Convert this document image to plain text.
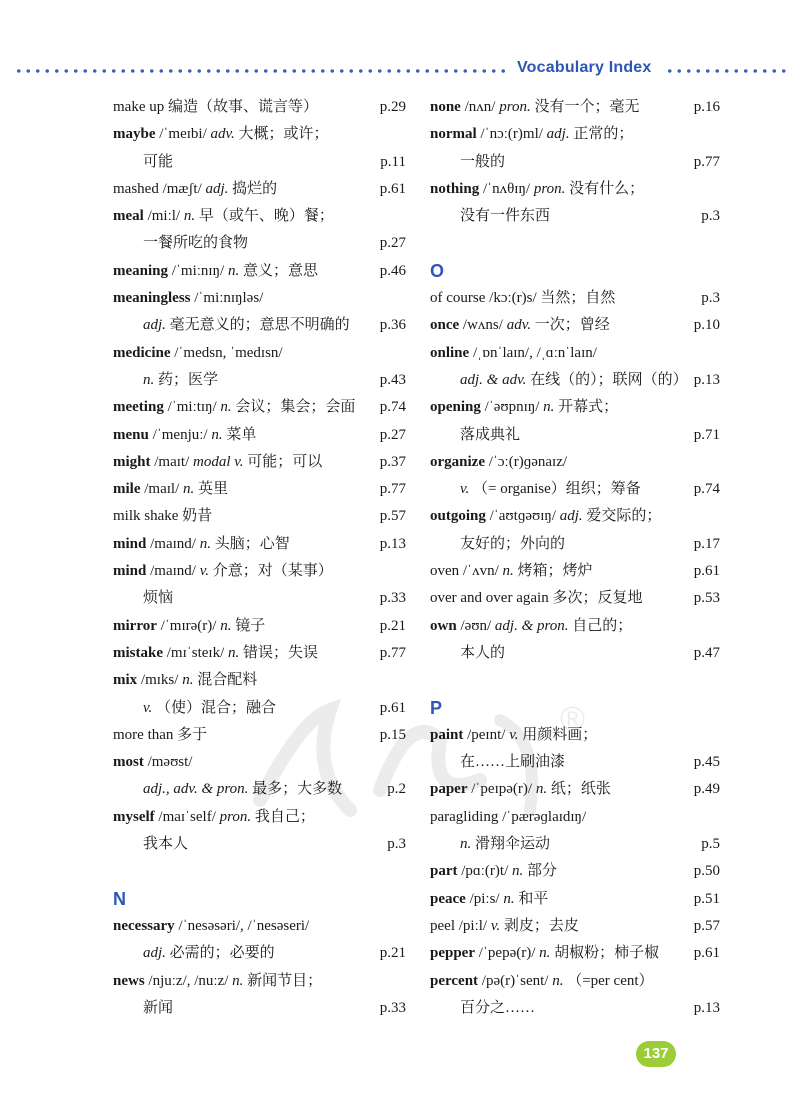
Vocabulary Index
®
make up 编造（故事、谎言等）	p.29
maybe /ˈmeɪbi/ adv. 大概；或许；
可能	p.11
mashed /mæʃt/ adj. 捣烂的	p.61
meal /miːl/ n. 早（或午、晚）餐；
一餐所吃的食物	p.27
meaning /ˈmiːnɪŋ/ n. 意义；意思	p.46
meaningless /ˈmiːnɪŋləs/
adj. 毫无意义的；意思不明确的 p.36
medicine /ˈmedsn, ˈmedɪsn/
n. 药；医学	p.43
meeting /ˈmiːtɪŋ/ n. 会议；集会；会面 p.74
menu /ˈmenjuː/ n. 菜单	p.27
might /maɪt/ modal v. 可能；可以	p.37
mile /maɪl/ n. 英里	p.77
milk shake 奶昔	p.57
mind /maɪnd/ n. 头脑；心智	p.13
mind /maɪnd/ v. 介意；对（某事）
烦恼	p.33
mirror /ˈmɪrə(r)/ n. 镜子	p.21
mistake /mɪˈsteɪk/ n. 错误；失误	p.77
mix /mɪks/ n. 混合配料
v. （使）混合；融合	p.61
more than 多于	p.15
most /məʊst/
adj., adv. & pron. 最多；大多数	p.2
myself /maɪˈself/ pron. 我自己；
我本人	p.3
N
necessary /ˈnesəsəri/, /ˈnesəseri/
adj. 必需的；必要的	p.21
news /njuːz/, /nuːz/ n. 新闻节目；
新闻	p.33
none /nʌn/ pron. 没有一个；毫无	p.16
normal /ˈnɔː(r)ml/ adj. 正常的；
一般的	p.77
nothing /ˈnʌθɪŋ/ pron. 没有什么；
没有一件东西	p.3
O
of course /kɔː(r)s/ 当然；自然	p.3
once /wʌns/ adv. 一次；曾经	p.10
online /ˌɒnˈlaɪn/, /ˌɑːnˈlaɪn/
adj. & adv. 在线（的）；联网（的） p.13
opening /ˈəʊpnɪŋ/ n. 开幕式；
落成典礼	p.71
organize /ˈɔː(r)ɡənaɪz/
v. （= organise）组织；筹备	p.74
outgoing /ˈaʊtɡəʊɪŋ/ adj. 爱交际的；
友好的；外向的	p.17
oven /ˈʌvn/ n. 烤箱；烤炉	p.61
over and over again 多次；反复地	p.53
own /əʊn/ adj. & pron. 自己的；
本人的	p.47
P
paint /peɪnt/ v. 用颜料画；
在……上刷油漆	p.45
paper /ˈpeɪpə(r)/ n. 纸；纸张	p.49
paragliding /ˈpærəɡlaɪdɪŋ/
n. 滑翔伞运动	p.5
part /pɑː(r)t/ n. 部分	p.50
peace /piːs/ n. 和平	p.51
peel /piːl/ v. 剥皮；去皮	p.57
pepper /ˈpepə(r)/ n. 胡椒粉；柿子椒 p.61
percent /pə(r)ˈsent/ n. （=per cent）
百分之……	p.13
137
